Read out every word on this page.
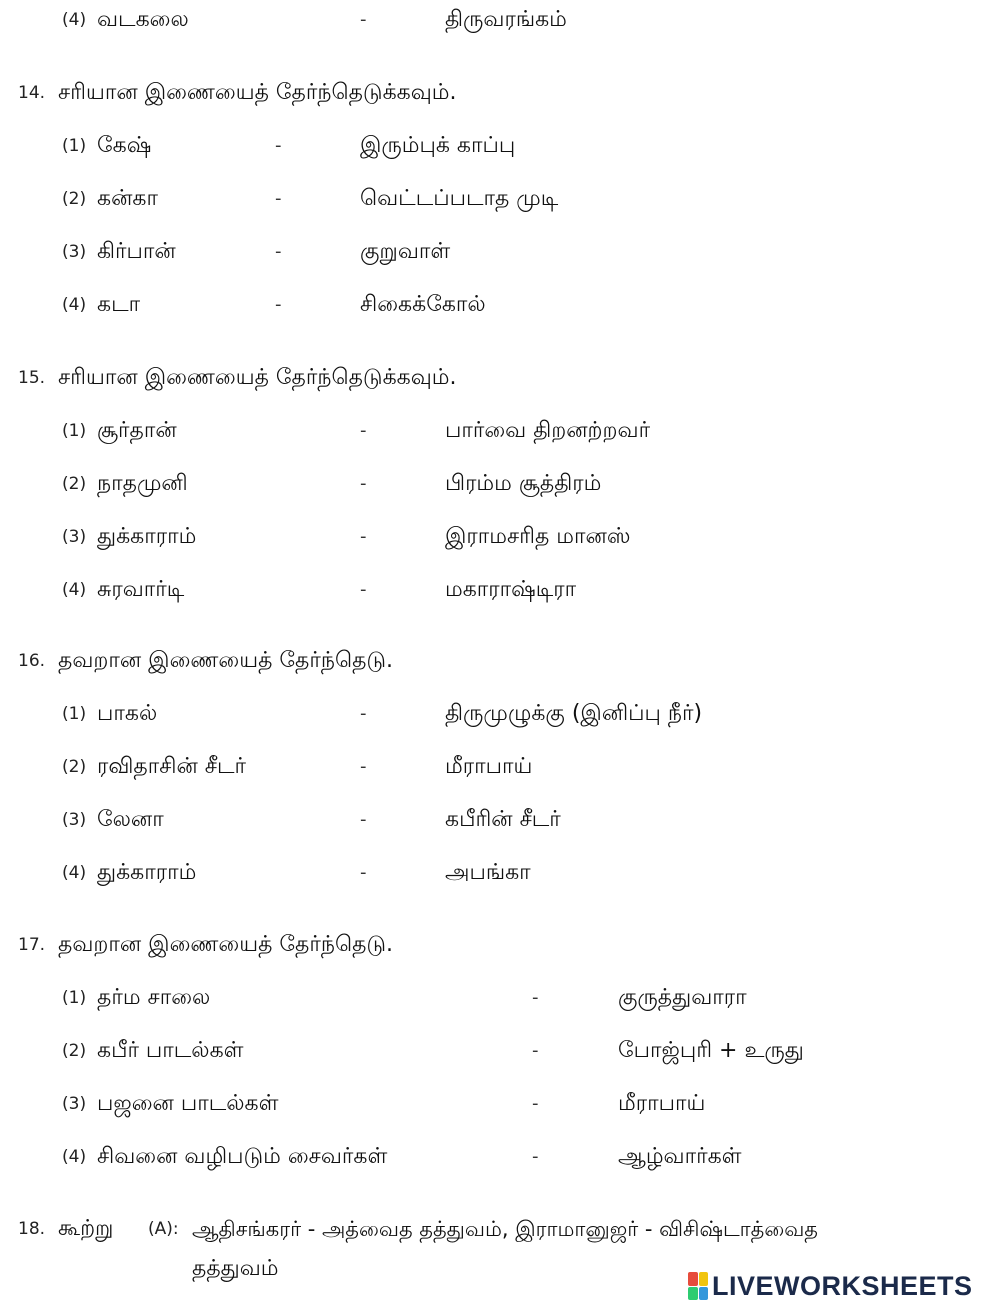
(4) வடகலை	-	திருவரங்கம்
14. சரியான இணையைத் தேர்ந்தெடுக்கவும்.
(1) கேஷ்	-	இரும்புக் காப்பு
(2) கன்கா	-	வெட்டப்படாத முடி
(3) கிர்பான்	-	குறுவாள்
(4) கடா	-	சிகைக்கோல்
15. சரியான இணையைத் தேர்ந்தெடுக்கவும்.
(1) சூர்தான்	-	பார்வை திறனற்றவர்
(2) நாதமுனி	-	பிரம்ம சூத்திரம்
(3) துக்காராம்	-	இராமசரித மானஸ்
(4) சுரவார்டி	-	மகாராஷ்டிரா
16. தவறான இணையைத் தேர்ந்தெடு.
(1) பாகல்	-	திருமுழுக்கு (இனிப்பு நீர்)
(2) ரவிதாசின் சீடர்	-	மீராபாய்
(3) லேனா	-	கபீரின் சீடர்
(4) துக்காராம்	-	அபங்கா
17. தவறான இணையைத் தேர்ந்தெடு.
(1) தர்ம சாலை	-	குருத்துவாரா
(2) கபீர் பாடல்கள்	-	போஜ்புரி + உருது
(3) பஜனை பாடல்கள்	-	மீராபாய்
(4) சிவனை வழிபடும் சைவர்கள்	-	ஆழ்வார்கள்
18. கூற்று (A): ஆதிசங்கரர் - அத்வைத தத்துவம், இராமானுஜர் - விசிஷ்டாத்வைத
தத்துவம்
LIVEWORKSHEETS
